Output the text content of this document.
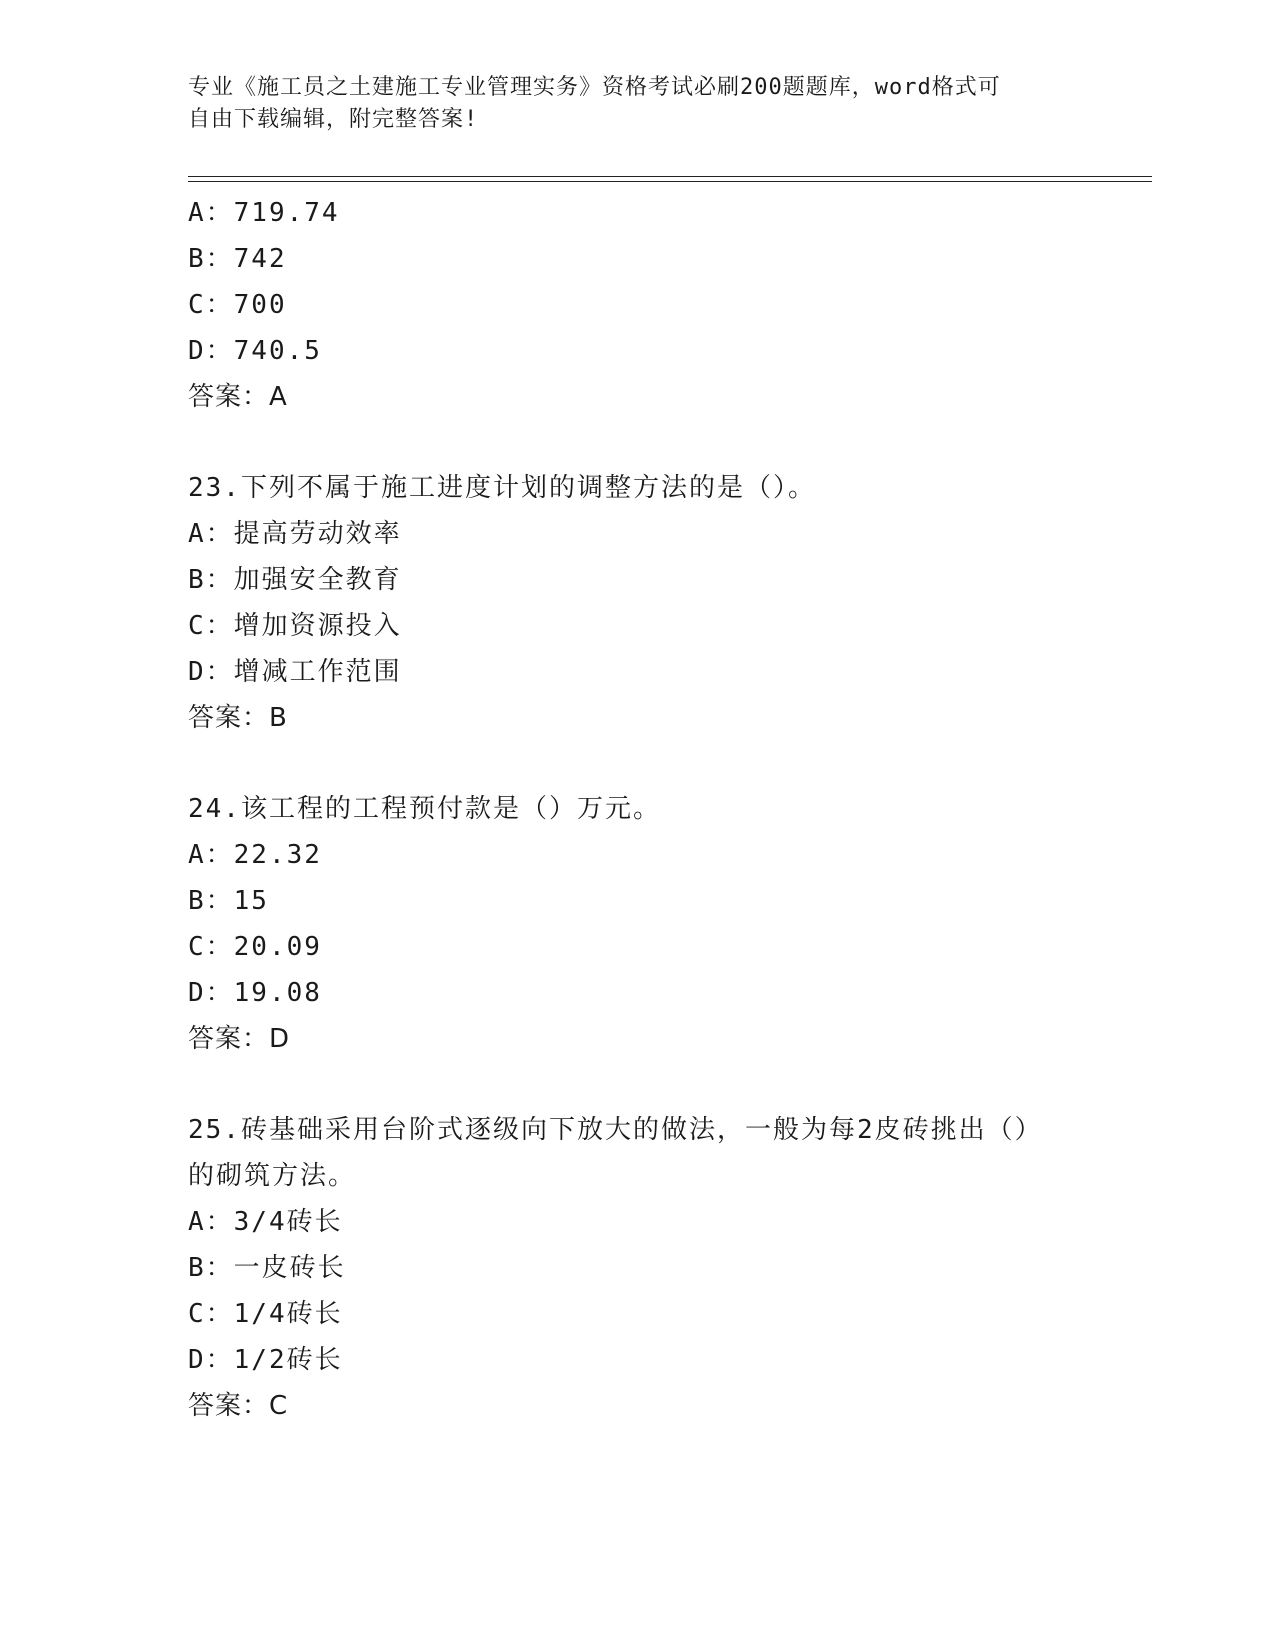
专业《施工员之土建施工专业管理实务》资格考试必刷200题题库，word格式可
自由下载编辑，附完整答案!
A：719.74
B：742
C：700
D：740.5
答案：A
23.下列不属于施工进度计划的调整方法的是（）。
A：提高劳动效率
B：加强安全教育
C：增加资源投入
D：增减工作范围
答案：B
24.该工程的工程预付款是（）万元。
A：22.32
B：15
C：20.09
D：19.08
答案：D
25.砖基础采用台阶式逐级向下放大的做法，一般为每2皮砖挑出（）
的砌筑方法。
A：3/4砖长
B：一皮砖长
C：1/4砖长
D：1/2砖长
答案：C
